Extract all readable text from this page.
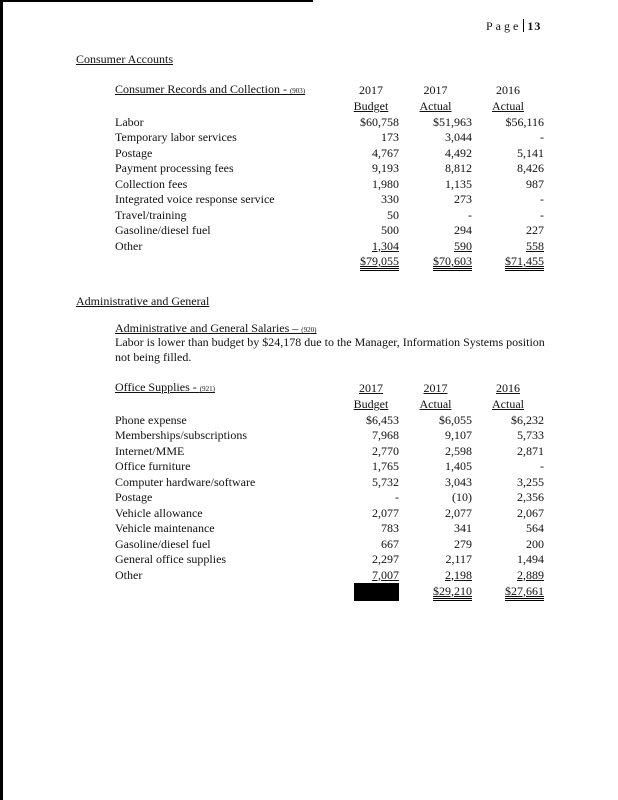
Page 13
Consumer Accounts
Consumer Records and Collection - (903)	2017	2017	2016
	Budget	Actual	Actual
Labor	$60,758	$51,963	$56,116
Temporary labor services	173	3,044	-
Postage	4,767	4,492	5,141
Payment processing fees	9,193	8,812	8,426
Collection fees	1,980	1,135	987
Integrated voice response service	330	273	-
Travel/training	50	-	-
Gasoline/diesel fuel	500	294	227
Other	1,304	590	558
	$79,055	$70,603	$71,455
Administrative and General
Administrative and General Salaries – (920)
Labor is lower than budget by $24,178 due to the Manager, Information Systems position not being filled.
Office Supplies - (921)	2017	2017	2016
	Budget	Actual	Actual
Phone expense	$6,453	$6,055	$6,232
Memberships/subscriptions	7,968	9,107	5,733
Internet/MME	2,770	2,598	2,871
Office furniture	1,765	1,405	-
Computer hardware/software	5,732	3,043	3,255
Postage	-	(10)	2,356
Vehicle allowance	2,077	2,077	2,067
Vehicle maintenance	783	341	564
Gasoline/diesel fuel	667	279	200
General office supplies	2,297	2,117	1,494
Other	7,007	2,198	2,889
		$29,210	$27,661
